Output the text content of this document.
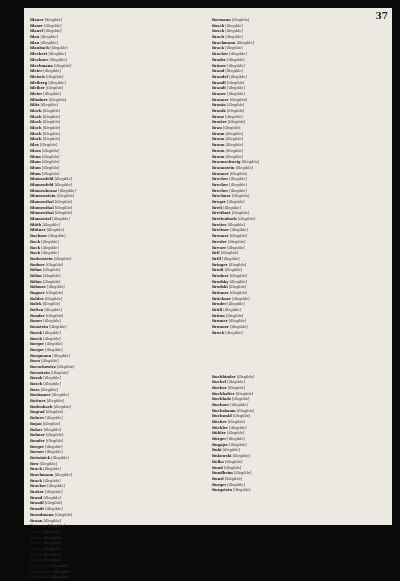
37
Blauer [illegible]
Blaser [illegible]
Blauel [illegible]
Blau [illegible]
Blau [illegible]
Blaubach [illegible]
Blechert [illegible]
Blechner [illegible]
Blechmann [illegible]
Bleier [illegible]
Bleisch [illegible]
Bleiberg [illegible]
Bleiber [illegible]
Bleier [illegible]
Blindner [illegible]
Blitz [illegible]
Bloch [illegible]
Bloch [illegible]
Bloch [illegible]
Bloch [illegible]
Bloch [illegible]
Bloch [illegible]
Blos [illegible]
Bloss [illegible]
Blum [illegible]
Blum [illegible]
Blum [illegible]
Blum [illegible]
Blumenfeld [illegible]
Blumenfeld [illegible]
Blumenkranz [illegible]
Blumenstein [illegible]
Blumenthal [illegible]
Blumenthal [illegible]
Blumenthal [illegible]
Blumental [illegible]
Blüth [illegible]
Blütner [illegible]
Bochner [illegible]
Bock [illegible]
Bock [illegible]
Bock [illegible]
Bodenstein [illegible]
Bodner [illegible]
Böhm [illegible]
Böhm [illegible]
Böhm [illegible]
Böhmer [illegible]
Bogner [illegible]
Boldes [illegible]
Bolek [illegible]
Bolten [illegible]
Bonder [illegible]
Boner [illegible]
Bonstein [illegible]
Borak [illegible]
Borck [illegible]
Borger [illegible]
Borger [illegible]
Borgmann [illegible]
Born [illegible]
Boruchowicz [illegible]
Bornstein [illegible]
Bosak [illegible]
Bosch [illegible]
Boss [illegible]
Boshamer [illegible]
Bottner [illegible]
Bodenbach [illegible]
Bograd [illegible]
Bohrer [illegible]
Bojan [illegible]
Bokov [illegible]
Bolmer [illegible]
Bonder [illegible]
Borger [illegible]
Borner [illegible]
Botwinick [illegible]
Bow [illegible]
Brach [illegible]
Brachmann [illegible]
Brack [illegible]
Bracker [illegible]
Braker [illegible]
Brand [illegible]
Brandl [illegible]
Brandt [illegible]
Brandmann [illegible]
Brann [illegible]
Brauner [illegible]
Braun [illegible]
Braun [illegible]
Braun [illegible]
Braun [illegible]
Braun [illegible]
Braun [illegible]
Braunfeld [illegible]
Braunstein [illegible]
Braunthal [illegible]
Bormann [illegible]
Bosch [illegible]
Bosch [illegible]
Brach [illegible]
Brachmann [illegible]
Brack [illegible]
Bracker [illegible]
Brader [illegible]
Bräuer [illegible]
Brand [illegible]
Brandel [illegible]
Brandl [illegible]
Brandt [illegible]
Braner [illegible]
Branner [illegible]
Branin [illegible]
Branik [illegible]
Branz [illegible]
Bratter [illegible]
Brau [illegible]
Braun [illegible]
Braun [illegible]
Braun [illegible]
Braun [illegible]
Braun [illegible]
Braunschweig [illegible]
Braunstein [illegible]
Brauner [illegible]
Brecher [illegible]
Brecher [illegible]
Brecher [illegible]
Brechner [illegible]
Breger [illegible]
Breit [illegible]
Breitbart [illegible]
Breitenbach [illegible]
Breiter [illegible]
Breitner [illegible]
Brenner [illegible]
Bresler [illegible]
Breuer [illegible]
Bril [illegible]
Brill [illegible]
Bringer [illegible]
Brodt [illegible]
Brodner [illegible]
Brodsky [illegible]
Brodski [illegible]
Brönner [illegible]
Brückner [illegible]
Bruder [illegible]
Brüll [illegible]
Brünn [illegible]
Brumer [illegible]
Brunner [illegible]
Bruck [illegible]
Buchbinder [illegible]
Buchel [illegible]
Bucher [illegible]
Buchhalter [illegible]
Buchholz [illegible]
Buchner [illegible]
Buchsbaum [illegible]
Buchwald [illegible]
Bücher [illegible]
Büchler [illegible]
Bühler [illegible]
Bürger [illegible]
Bugajer [illegible]
Buki [illegible]
Bukowski [illegible]
Bulka [illegible]
Bund [illegible]
Bundheim [illegible]
Bunzl [illegible]
Burger [illegible]
Burgstein [illegible]
